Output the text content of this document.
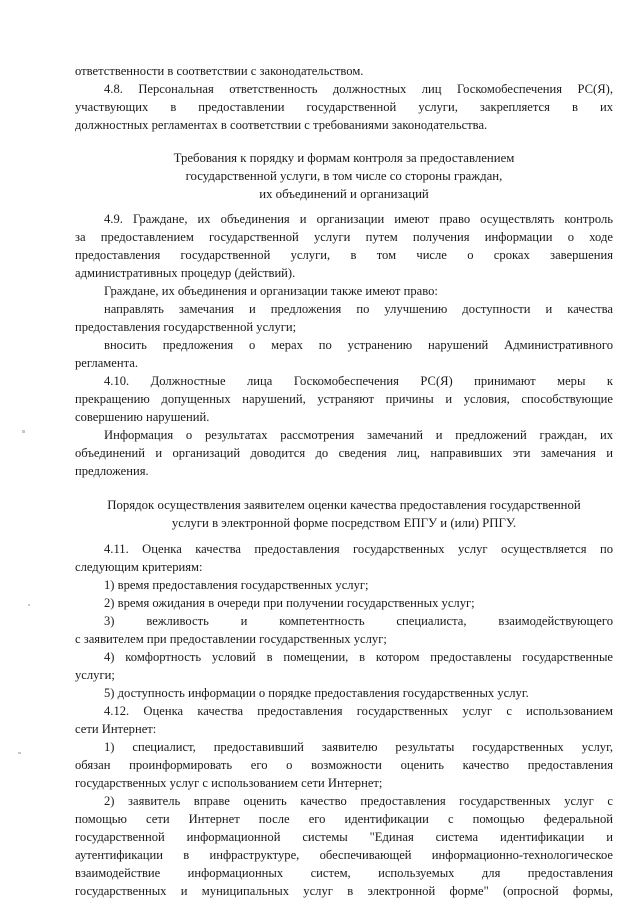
ответственности в соответствии с законодательством.
4.8. Персональная ответственность должностных лиц Госкомобеспечения РС(Я),
участвующих в предоставлении государственной услуги, закрепляется в их
должностных регламентах в соответствии с требованиями законодательства.
Требования к порядку и формам контроля за предоставлением
государственной услуги, в том числе со стороны граждан,
их объединений и организаций
4.9. Граждане, их объединения и организации имеют право осуществлять контроль
за предоставлением государственной услуги путем получения информации о ходе
предоставления государственной услуги, в том числе о сроках завершения
административных процедур (действий).
Граждане, их объединения и организации также имеют право:
направлять замечания и предложения по улучшению доступности и качества
предоставления государственной услуги;
вносить предложения о мерах по устранению нарушений Административного
регламента.
4.10. Должностные лица Госкомобеспечения РС(Я) принимают меры к
прекращению допущенных нарушений, устраняют причины и условия, способствующие
совершению нарушений.
Информация о результатах рассмотрения замечаний и предложений граждан, их
объединений и организаций доводится до сведения лиц, направивших эти замечания и
предложения.
Порядок осуществления заявителем оценки качества предоставления государственной
услуги в электронной форме посредством ЕПГУ и (или) РПГУ.
4.11. Оценка качества предоставления государственных услуг осуществляется по
следующим критериям:
1) время предоставления государственных услуг;
2) время ожидания в очереди при получении государственных услуг;
3) вежливость и компетентность специалиста, взаимодействующего
с заявителем при предоставлении государственных услуг;
4) комфортность условий в помещении, в котором предоставлены государственные
услуги;
5) доступность информации о порядке предоставления государственных услуг.
4.12. Оценка качества предоставления государственных услуг с использованием
сети Интернет:
1) специалист, предоставивший заявителю результаты государственных услуг,
обязан проинформировать его о возможности оценить качество предоставления
государственных услуг с использованием сети Интернет;
2) заявитель вправе оценить качество предоставления государственных услуг с
помощью сети Интернет после его идентификации с помощью федеральной
государственной информационной системы "Единая система идентификации и
аутентификации в инфраструктуре, обеспечивающей информационно-технологическое
взаимодействие информационных систем, используемых для предоставления
государственных и муниципальных услуг в электронной форме" (опросной формы,
